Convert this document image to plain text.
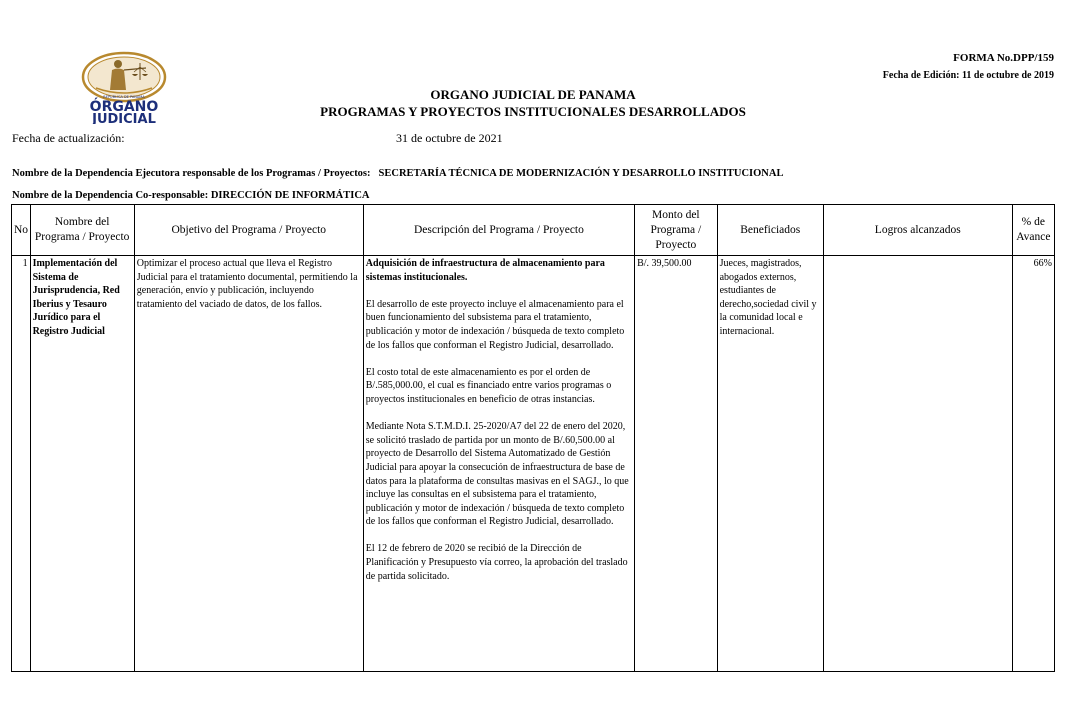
FORMA No.DPP/159
Fecha de Edición: 11 de octubre de 2019
REPUBLICA DE PANAMA
ÓRGANO
JUDICIAL
ORGANO JUDICIAL DE PANAMA
PROGRAMAS Y PROYECTOS INSTITUCIONALES DESARROLLADOS
Fecha de actualización:	31 de octubre de 2021
Nombre de la Dependencia Ejecutora responsable de los Programas / Proyectos: SECRETARÍA TÉCNICA DE MODERNIZACIÓN Y DESARROLLO INSTITUCIONAL
Nombre de la Dependencia Co-responsable: DIRECCIÓN DE INFORMÁTICA
No	Nombre del Programa / Proyecto	Objetivo del Programa / Proyecto	Descripción del Programa / Proyecto	Monto del Programa / Proyecto	Beneficiados	Logros alcanzados	% de Avance
1	Implementación del Sistema de Jurisprudencia, Red Iberius y Tesauro Jurídico para el Registro Judicial	Optimizar el proceso actual que lleva el Registro Judicial para el tratamiento documental, permitiendo la generación, envío y publicación, incluyendo tratamiento del vaciado de datos, de los fallos.	Adquisición de infraestructura de almacenamiento para sistemas institucionales.

El desarrollo de este proyecto incluye el almacenamiento para el buen funcionamiento del subsistema para el tratamiento, publicación y motor de indexación / búsqueda de texto completo de los fallos que conforman el Registro Judicial, desarrollado.

El costo total de este almacenamiento es por el orden de B/.585,000.00, el cual es financiado entre varios programas o proyectos institucionales en beneficio de otras instancias.

Mediante Nota S.T.M.D.I. 25-2020/A7 del 22 de enero del 2020, se solicitó traslado de partida por un monto de B/.60,500.00 al proyecto de Desarrollo del Sistema Automatizado de Gestión Judicial para apoyar la consecución de infraestructura de base de datos para la plataforma de consultas masivas en el SAGJ., lo que incluye las consultas en el subsistema para el tratamiento, publicación y motor de indexación / búsqueda de texto completo de los fallos que conforman el Registro Judicial, desarrollado.

El 12 de febrero de 2020 se recibió de la Dirección de Planificación y Presupuesto vía correo, la aprobación del traslado de partida solicitado.	B/. 39,500.00	Jueces, magistrados, abogados externos, estudiantes de derecho,sociedad civil y la comunidad local e internacional.		66%
